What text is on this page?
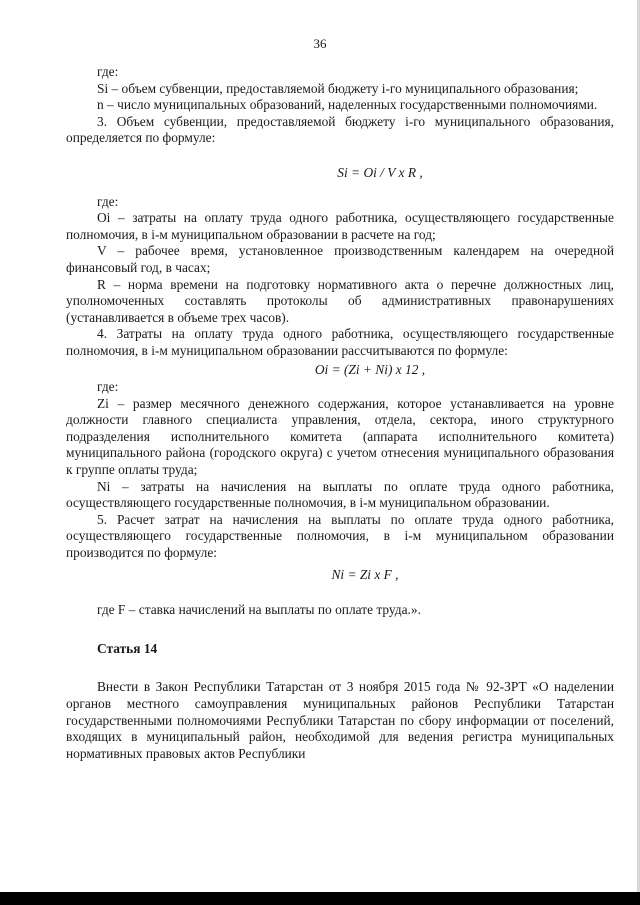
36

где:

Si – объем субвенции, предоставляемой бюджету i-го муниципального образования;

n – число муниципальных образований, наделенных государственными полномочиями.

3. Объем субвенции, предоставляемой бюджету i-го муниципального образования, определяется по формуле:

Si = Oi / V x R ,

где:

Oi – затраты на оплату труда одного работника, осуществляющего государственные полномочия, в i-м муниципальном образовании в расчете на год;

V – рабочее время, установленное производственным календарем на очередной финансовый год, в часах;

R – норма времени на подготовку нормативного акта о перечне должностных лиц, уполномоченных составлять протоколы об административных правонарушениях (устанавливается в объеме трех часов).

4. Затраты на оплату труда одного работника, осуществляющего государственные полномочия, в i-м муниципальном образовании рассчитываются по формуле:

Oi = (Zi + Ni) x 12 ,

где:

Zi – размер месячного денежного содержания, которое устанавливается на уровне должности главного специалиста управления, отдела, сектора, иного структурного подразделения исполнительного комитета (аппарата исполнительного комитета) муниципального района (городского округа) с учетом отнесения муниципального образования к группе оплаты труда;

Ni – затраты на начисления на выплаты по оплате труда одного работника, осуществляющего государственные полномочия, в i-м муниципальном образовании.

5. Расчет затрат на начисления на выплаты по оплате труда одного работника, осуществляющего государственные полномочия, в i-м муниципальном образовании производится по формуле:

Ni = Zi x F ,

где F – ставка начислений на выплаты по оплате труда.».

Статья 14

Внести в Закон Республики Татарстан от 3 ноября 2015 года № 92-ЗРТ «О наделении органов местного самоуправления муниципальных районов Республики Татарстан государственными полномочиями Республики Татарстан по сбору информации от поселений, входящих в муниципальный район, необходимой для ведения регистра муниципальных нормативных правовых актов Республики
